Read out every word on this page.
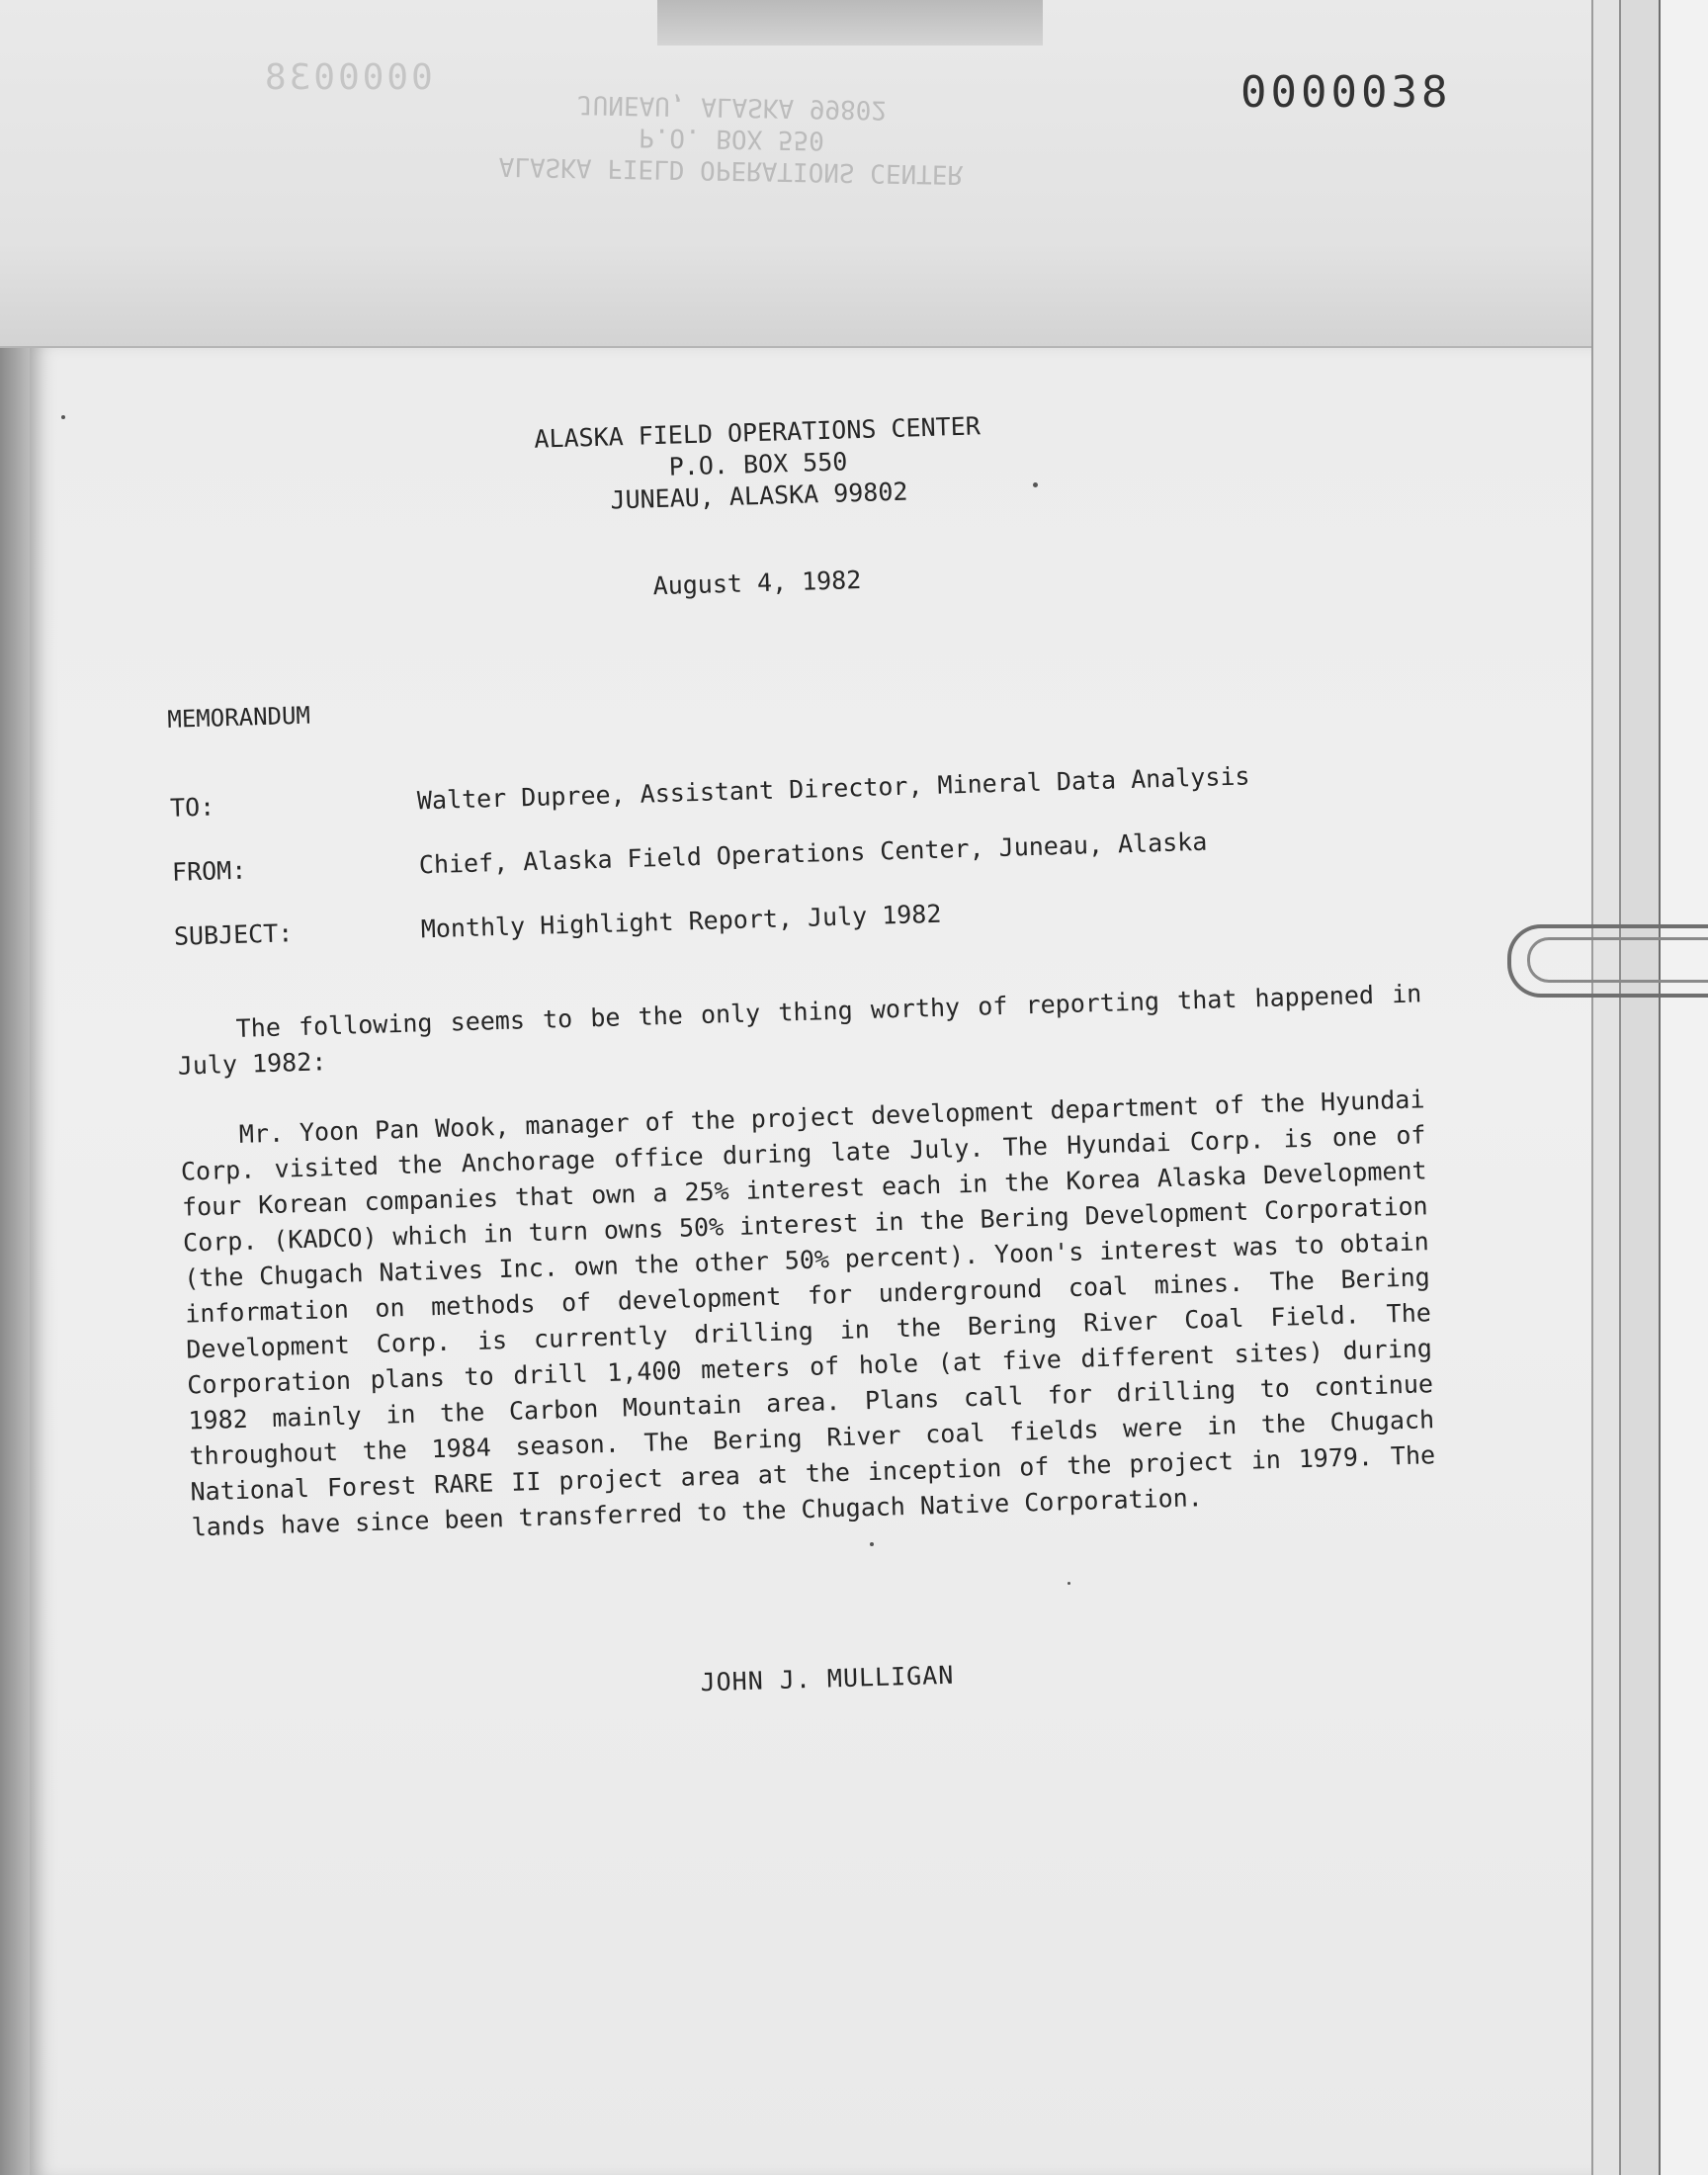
0000038
ALASKA FIELD OPERATIONS CENTER
P.O. BOX 550
JUNEAU, ALASKA 99802	0000038
ALASKA FIELD OPERATIONS CENTER
P.O. BOX 550
JUNEAU, ALASKA 99802
August 4, 1982
MEMORANDUM
TO:	Walter Dupree, Assistant Director, Mineral Data Analysis
FROM:	Chief, Alaska Field Operations Center, Juneau, Alaska
SUBJECT:	Monthly Highlight Report, July 1982
The following seems to be the only thing worthy of reporting that happened in July 1982:
Mr. Yoon Pan Wook, manager of the project development department of the Hyundai Corp. visited the Anchorage office during late July. The Hyundai Corp. is one of four Korean companies that own a 25% interest each in the Korea Alaska Development Corp. (KADCO) which in turn owns 50% interest in the Bering Development Corporation (the Chugach Natives Inc. own the other 50% percent). Yoon's interest was to obtain information on methods of development for underground coal mines. The Bering Development Corp. is currently drilling in the Bering River Coal Field. The Corporation plans to drill 1,400 meters of hole (at five different sites) during 1982 mainly in the Carbon Mountain area. Plans call for drilling to continue throughout the 1984 season. The Bering River coal fields were in the Chugach National Forest RARE II project area at the inception of the project in 1979. The lands have since been transferred to the Chugach Native Corporation.
JOHN J. MULLIGAN
